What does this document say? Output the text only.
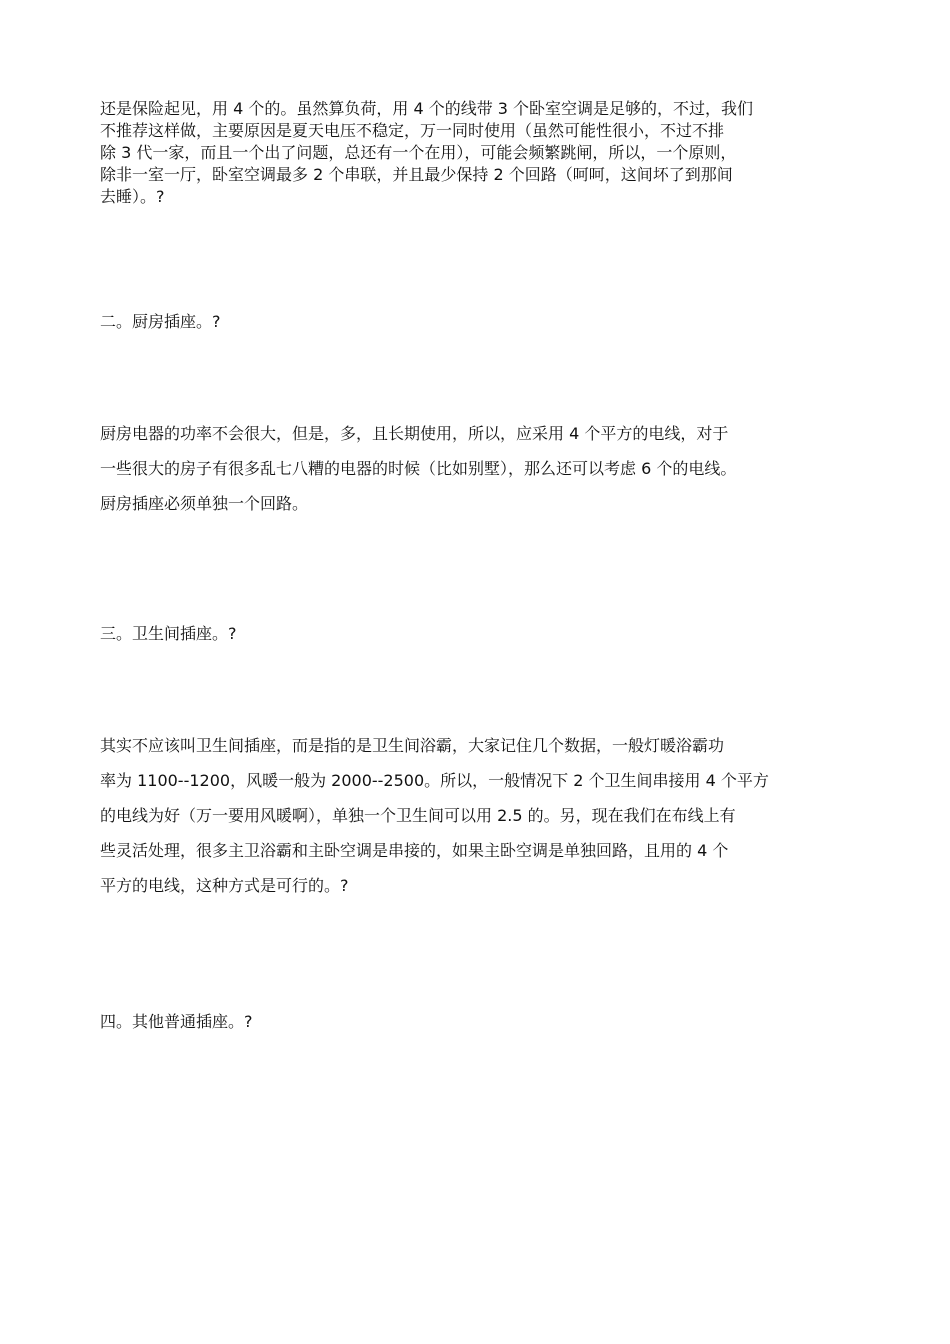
还是保险起见，用 4 个的。虽然算负荷，用 4 个的线带 3 个卧室空调是足够的，不过，我们
不推荐这样做，主要原因是夏天电压不稳定，万一同时使用（虽然可能性很小，不过不排
除 3 代一家，而且一个出了问题，总还有一个在用），可能会频繁跳闸，所以，一个原则，
除非一室一厅，卧室空调最多 2 个串联，并且最少保持 2 个回路（呵呵，这间坏了到那间
去睡）。?

二。厨房插座。?

厨房电器的功率不会很大，但是，多，且长期使用，所以，应采用 4 个平方的电线，对于
一些很大的房子有很多乱七八糟的电器的时候（比如别墅），那么还可以考虑 6 个的电线。
厨房插座必须单独一个回路。

三。卫生间插座。?

其实不应该叫卫生间插座，而是指的是卫生间浴霸，大家记住几个数据，一般灯暖浴霸功
率为 1100--1200，风暖一般为 2000--2500。所以，一般情况下 2 个卫生间串接用 4 个平方
的电线为好（万一要用风暖啊），单独一个卫生间可以用 2.5 的。另，现在我们在布线上有
些灵活处理，很多主卫浴霸和主卧空调是串接的，如果主卧空调是单独回路，且用的 4 个
平方的电线，这种方式是可行的。?

四。其他普通插座。?
